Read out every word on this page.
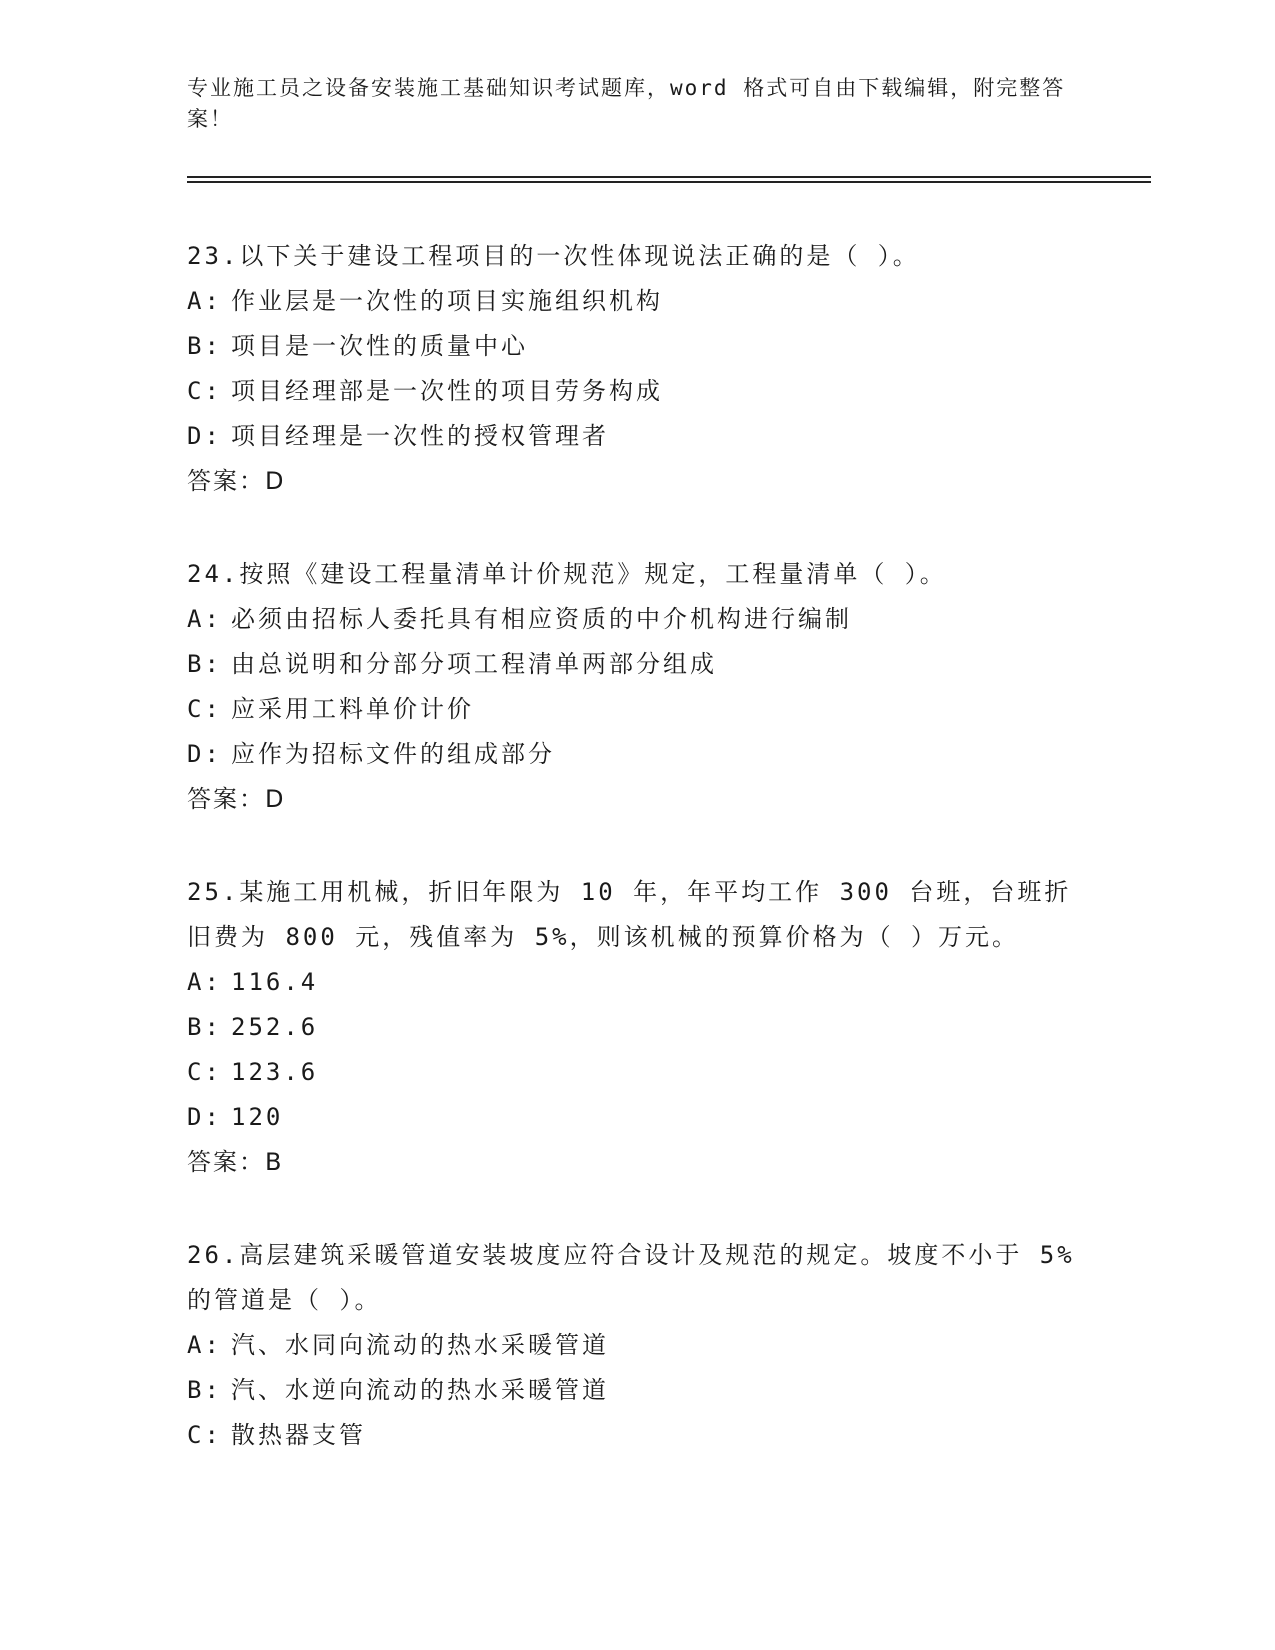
专业施工员之设备安装施工基础知识考试题库，word 格式可自由下载编辑，附完整答案！
23.以下关于建设工程项目的一次性体现说法正确的是（ ）。
A: 作业层是一次性的项目实施组织机构
B: 项目是一次性的质量中心
C: 项目经理部是一次性的项目劳务构成
D: 项目经理是一次性的授权管理者
答案：D
24.按照《建设工程量清单计价规范》规定，工程量清单（ ）。
A: 必须由招标人委托具有相应资质的中介机构进行编制
B: 由总说明和分部分项工程清单两部分组成
C: 应采用工料单价计价
D: 应作为招标文件的组成部分
答案：D
25.某施工用机械，折旧年限为 10 年，年平均工作 300 台班，台班折旧费为 800 元，残值率为 5%，则该机械的预算价格为（ ）万元。
A: 116.4
B: 252.6
C: 123.6
D: 120
答案：B
26.高层建筑采暖管道安装坡度应符合设计及规范的规定。坡度不小于 5%的管道是（ ）。
A: 汽、水同向流动的热水采暖管道
B: 汽、水逆向流动的热水采暖管道
C: 散热器支管
